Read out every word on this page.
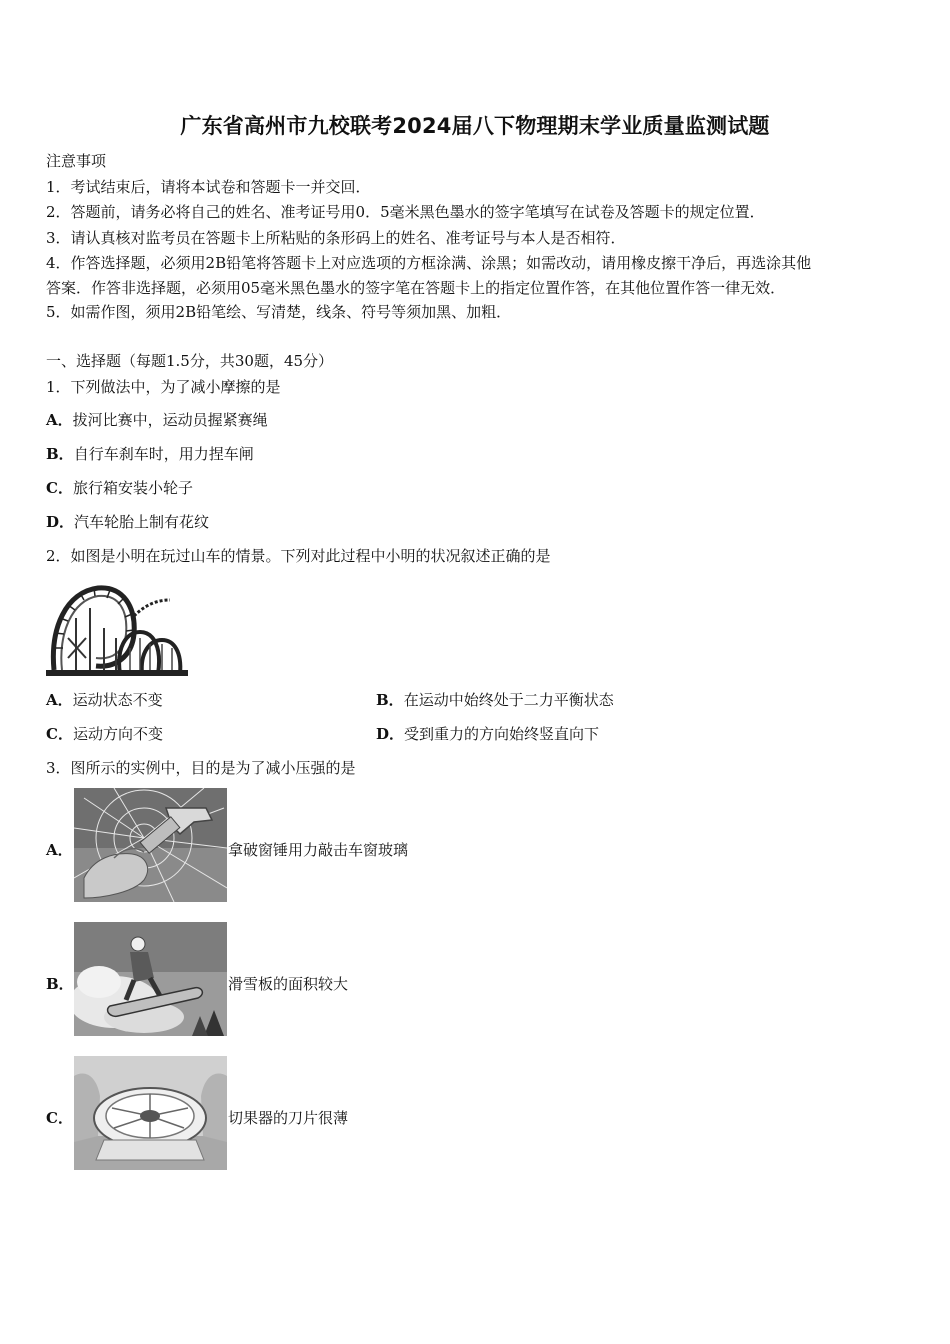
广东省高州市九校联考2024届八下物理期末学业质量监测试题
注意事项
1．考试结束后，请将本试卷和答题卡一并交回．
2．答题前，请务必将自己的姓名、准考证号用0．5毫米黑色墨水的签字笔填写在试卷及答题卡的规定位置．
3．请认真核对监考员在答题卡上所粘贴的条形码上的姓名、准考证号与本人是否相符．
4．作答选择题，必须用2B铅笔将答题卡上对应选项的方框涂满、涂黑；如需改动，请用橡皮擦干净后，再选涂其他
答案．作答非选择题，必须用05毫米黑色墨水的签字笔在答题卡上的指定位置作答，在其他位置作答一律无效．
5．如需作图，须用2B铅笔绘、写清楚，线条、符号等须加黑、加粗．
一、选择题（每题1.5分，共30题，45分）
1．下列做法中，为了减小摩擦的是
A．拔河比赛中，运动员握紧赛绳
B．自行车刹车时，用力捏车闸
C．旅行箱安装小轮子
D．汽车轮胎上制有花纹
2．如图是小明在玩过山车的情景。下列对此过程中小明的状况叙述正确的是
A．运动状态不变	B．在运动中始终处于二力平衡状态
C．运动方向不变	D．受到重力的方向始终竖直向下
3．图所示的实例中，目的是为了减小压强的是
A．	拿破窗锤用力敲击车窗玻璃
B．	滑雪板的面积较大
C．	切果器的刀片很薄
